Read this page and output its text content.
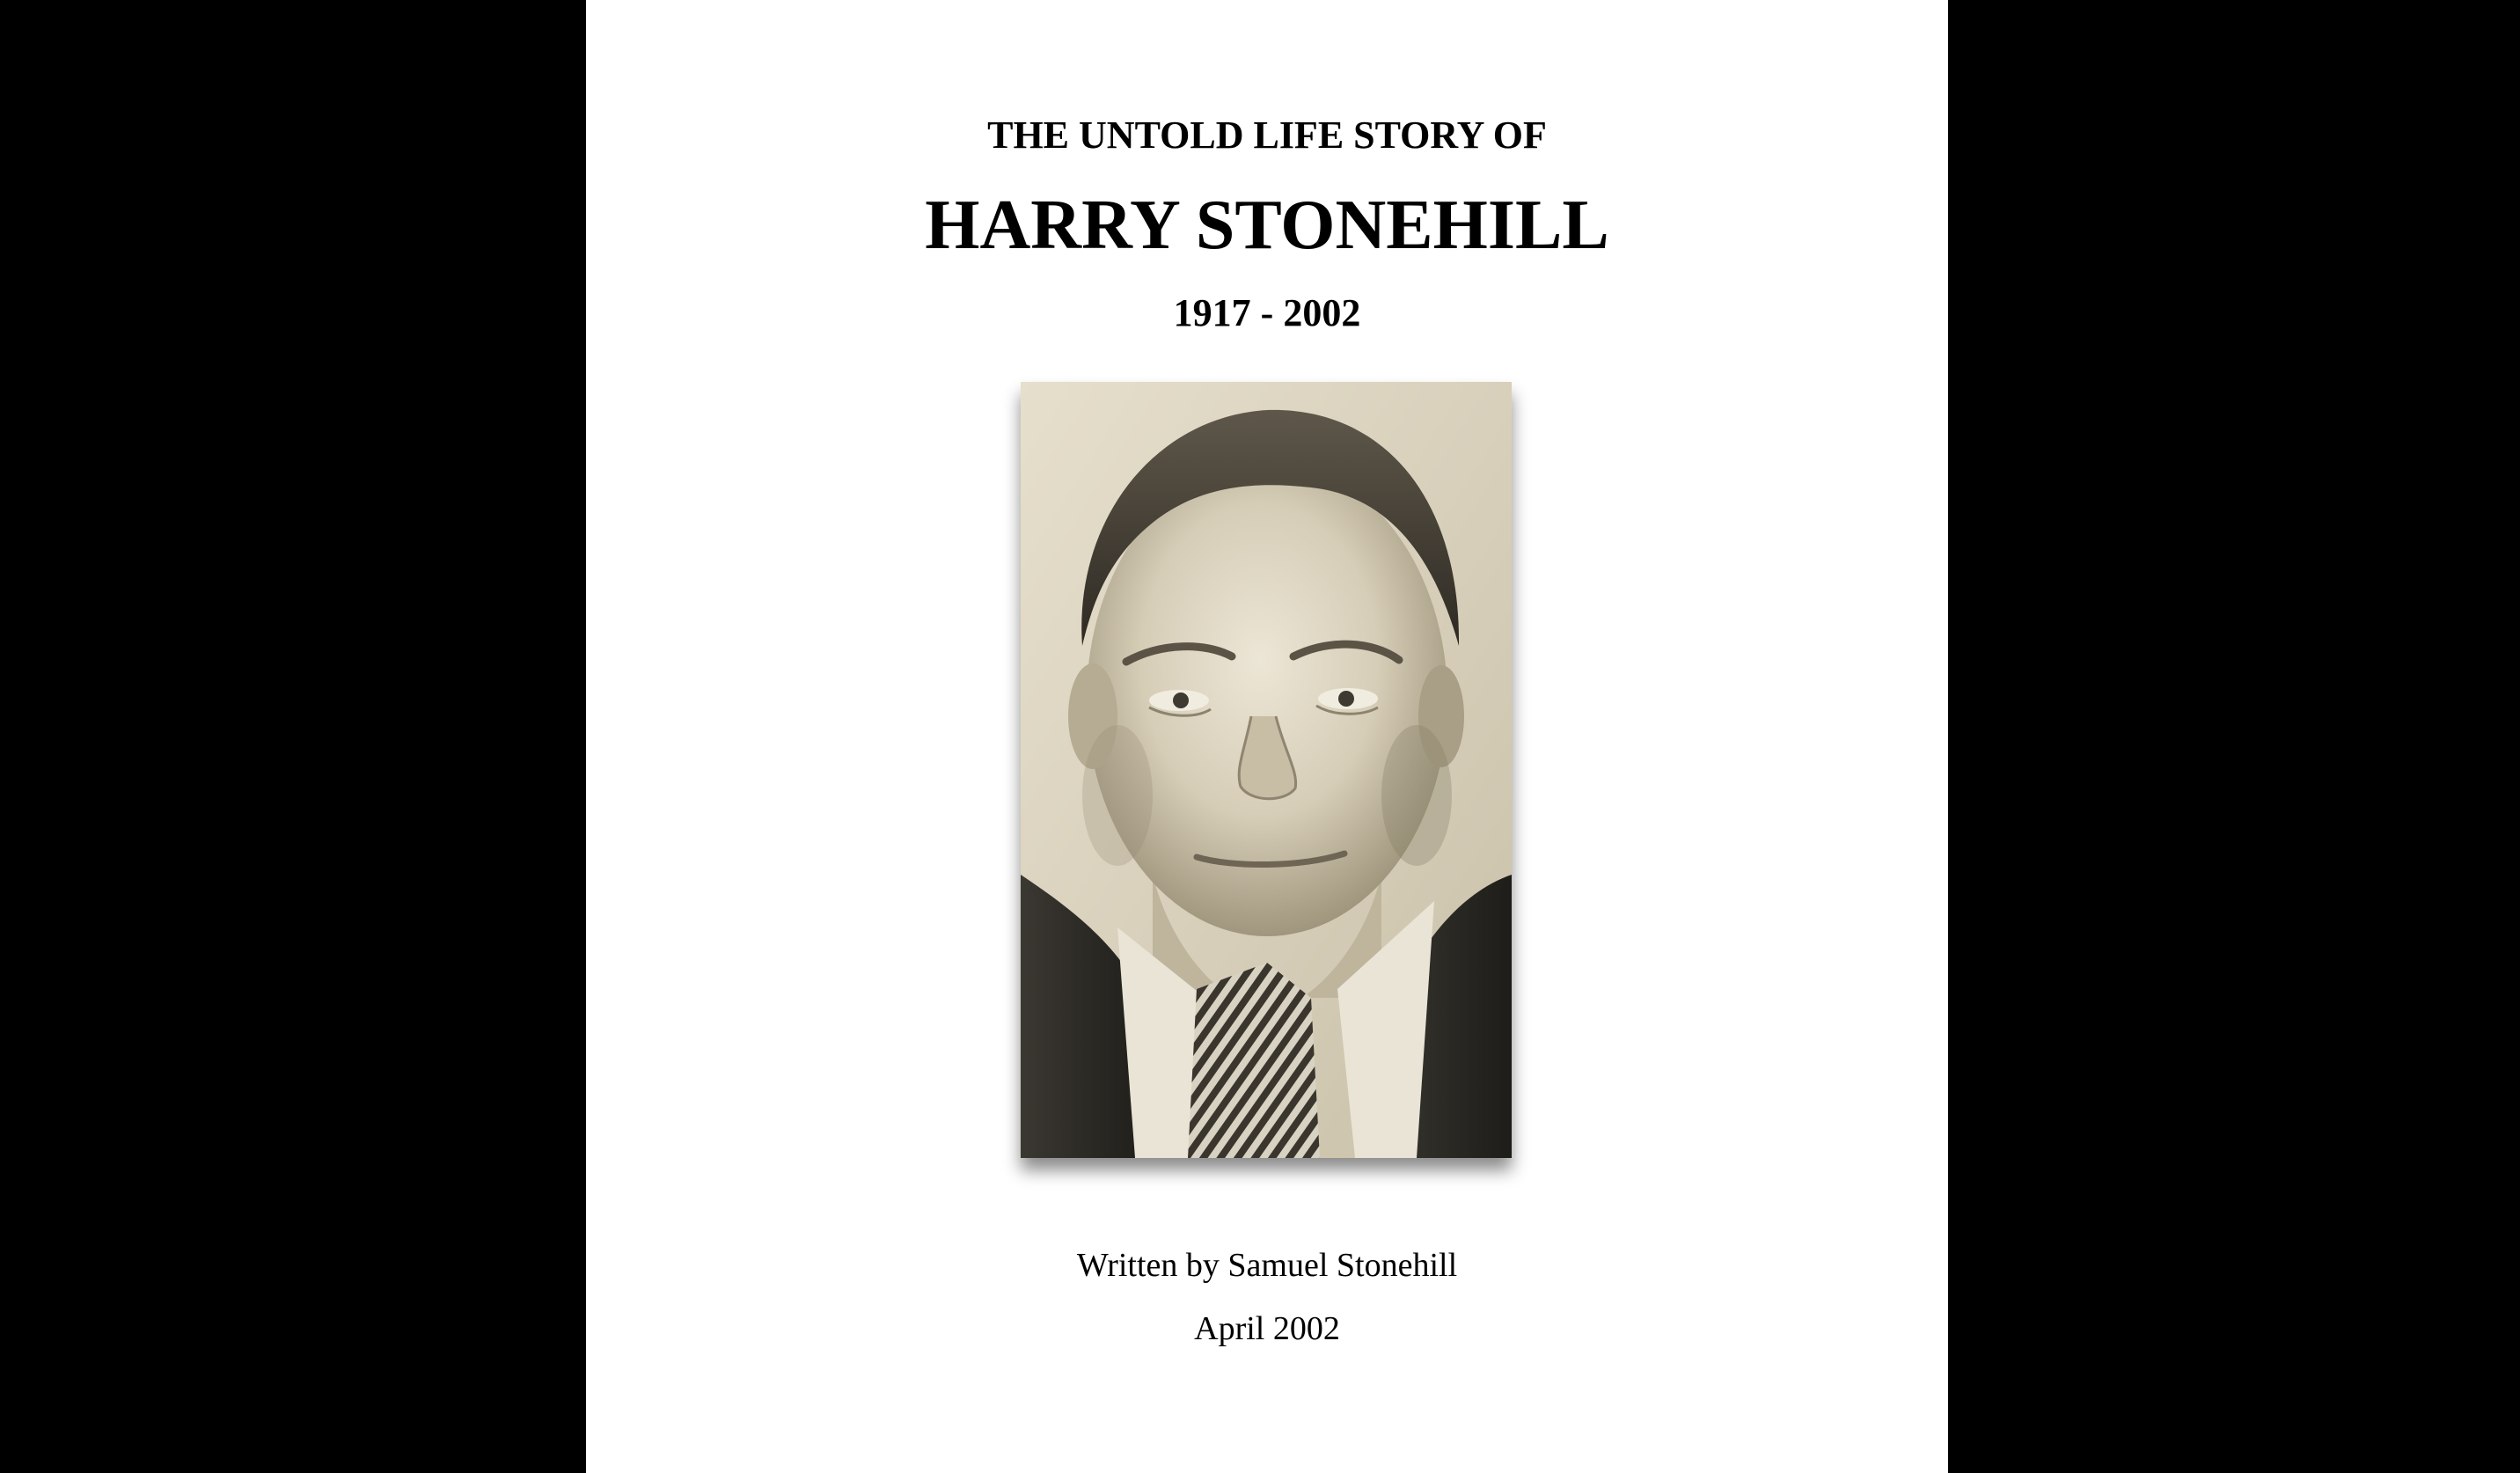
THE UNTOLD LIFE STORY OF
HARRY STONEHILL
1917 - 2002
Written by Samuel Stonehill
April 2002
